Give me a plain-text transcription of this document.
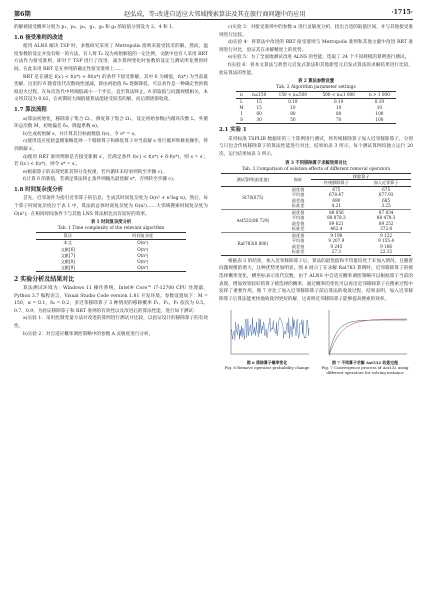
第6期	赵弘成，等:改进自适应大邻域搜索算法及其在旅行商问题中的应用	·1715·

的解被接受概率分别为 p₁、p₂、p₃，g₁、g₂ 和 g₃ 的取值分别设为 2、4 和 1。

1.6 接受准则的改进

使用 ALNS 解决 TSP 时，多数研究采用了 Metropolis 准则来接受较差的解。然而，温度参数的设定并没有统一的方法，有人将 T₀ 设为初始解值的一定比例，文献中也有人采用 RRT 方法作为接受准则，即对于 TSP 进行了改进，减少算例变化时参数的设定与测试所花费的时间。在此采用 RRT 是在单纯的确定性接受准则上……

RRT 是在满足 f(x′) < f(x*) + δf(x*) 的条件下接受新解，其中 δ 为阈值，f(x*) 为当前最优解，这里的 δ 随着迭代次数线性递减，即由初始值 δ₀ 逐渐降低，可以看作是一种确定性的模拟退火过程，在每次迭代中将阈值减小一个步长，直至算法终止。δ 的取值与问题规模相关，本文将其设为 0.02，在初期较大阈值使算法能接受较差的解，而后期逐渐收敛。

1.7 算法流程

a)算法初始化，移除算子集合 Ω₋，修复算子集合 Ω₊，设定初始参数(内循环次数 L，外循环总次数 M，初始偏差 δ₀，降温系数 α)。

b)生成初始解 s，并计算其目标函数值 f(s)，令 s* = s。

c)使用适应度轮盘赌策略选择一个移除算子和修复算子对当前解 s 进行破坏和修复操作，得到新解 s′。

d)使用 RRT 准则判断是否接受新解 s′，若满足条件 f(s′) < f(s*) + δ·f(s*)，则 s = s′；若 f(s′) < f(s*)，则令 s* = s′。

e)根据算子的表现更新其得分及权重，若内循环未结束则转至步骤 c)。

f)计算 δ 的新值，若满足算法终止条件则输出最优解 s*，否则转至步骤 c)。

1.8 时间复杂度分析

首先，近邻条件为指引近邻算子的信息，生成其时间复杂度为 O(n² + n²log n)。然后，每个算子时间复杂度位于表 1 中，算法的总体时间复杂度为 O(n²)……大邻域搜索时间复杂度为 O(n²)，在相同时间条件下与其他 LNS 算法相比具有较好的效率。

表 1 时间复杂度分析
Tab. 1 Time complexity of the relevant algorithm
算法	时间复杂度
本文	O(n²)
文献[6]	O(n³)
文献[7]	O(n³)
文献[8]	O(n²)
文献[9]	O(n⁴)
2 实验分析及结果对比

算法测试环境为：Windows 11 操作系统，Intel® Core™ i7-12700 CPU 处理器，Python 3.7 编程语言，Visual Studio Code version 1.81 开发环境。参数设置如下：M = 150，α = 0.1，δ₀ = 0.2，多近邻移除算子 3 种情况的移除概率 P₁、P₂、P₃ 依次为 0.5、0.7、0.9。为验证移除算子和 RRT 准则的有效性以及改进后的算法性能，进行如下测试：

a)实验 1：采用控制变量方法对改进的算例进行测试并比较，以验证设计的移除算子的有效性。

b)实验 2：对自适应概率调控策略中的参数 A 灵敏度进行分析。

c)实验 3：对接受准则中的参数 α 进行灵敏度分析，找出合适的取值区间，并与其他接受准则进行比较。

d)实验 4：将算法中改进的 RRT 接受准则与 Metropolis 准则和其他文献中改进 RRT 准则进行对比，验证其在求解精度上的优势。

e)实验 5：为了全面地测试改进 ALNS 的性能，选取了 24 个不同规模的算例进行测试。

f)实验 6：将本文算法与典型元启发式算法和其他新型元启发式算法的求解结果进行比较，验证算法的性能。

表 2 算法参数设置
Tab. 2 Algorithm parameter settings
n	n≤150	150 < n≤500	500 < n≤1 000	n > 1 000
L	15	0.19	0.19	0.19
M	15	10	10	10
I	60	80	80	100
S	30	50	70	100
2.1 实验 1

采用标准 TSPLIB 数据库的三个算例进行测试，将传统移除算子加入近邻移除算子，分别与只包含传统移除算子的算法性能进行对比，结果如表 3 所示，每个测试算例均独立运行 20 次，运行结果如表 3 所示。

表 3 不同移除算子求解效果对比
Tab. 3 Comparison of solution effects of different removal operators
测试算例(最优值)	指标	移除算子	
		传统移除算子	加入近邻算子
St70(675)	最优值	675	675
	平均值	678.47	677.93
	最差值	690	685
	标准差	4.21	3.25
Ast532(86 729)	最优值	88 056	87 834
	平均值	88 878.3	88 478.3
	最差值	89 621	89 252
	标准差	462.4	372.8
Rat783(8 806)	最优值	9 198	9 122
	平均值	9 207.9	9 155.4
	最差值	9 245	9 186
	标准差	27.3	22.15

根据表 3 的结果，加入近邻移除算子后，算法的最优值和平均值均优于未加入情况，且随着问题规模的增大，这种优势更加明显。图 6 展示了在求解 Rat783 算例时，近邻移除算子的被选择概率变化，横坐标表示迭代次数，由于 ALNS 中自适应概率调控策略可以根据算子当前的表现，增加效果较好的算子被选择的概率，通过概率的变化可以看出近邻移除算子在搜索过程中发挥了重要作用。图 7 对比了加入近邻移除算子前后算法的收敛过程，结果表明，加入近邻移除算子后算法能更快地收敛到更好的解，这说明近邻移除算子能够提高搜索的效率。

图 6 移除算子概率变化
Fig. 6 Remove operator probability change
图 7 不同算子求解 Ast532 收敛过程
Fig. 7 Convergence process of Ast532 using different operators for solving instance
